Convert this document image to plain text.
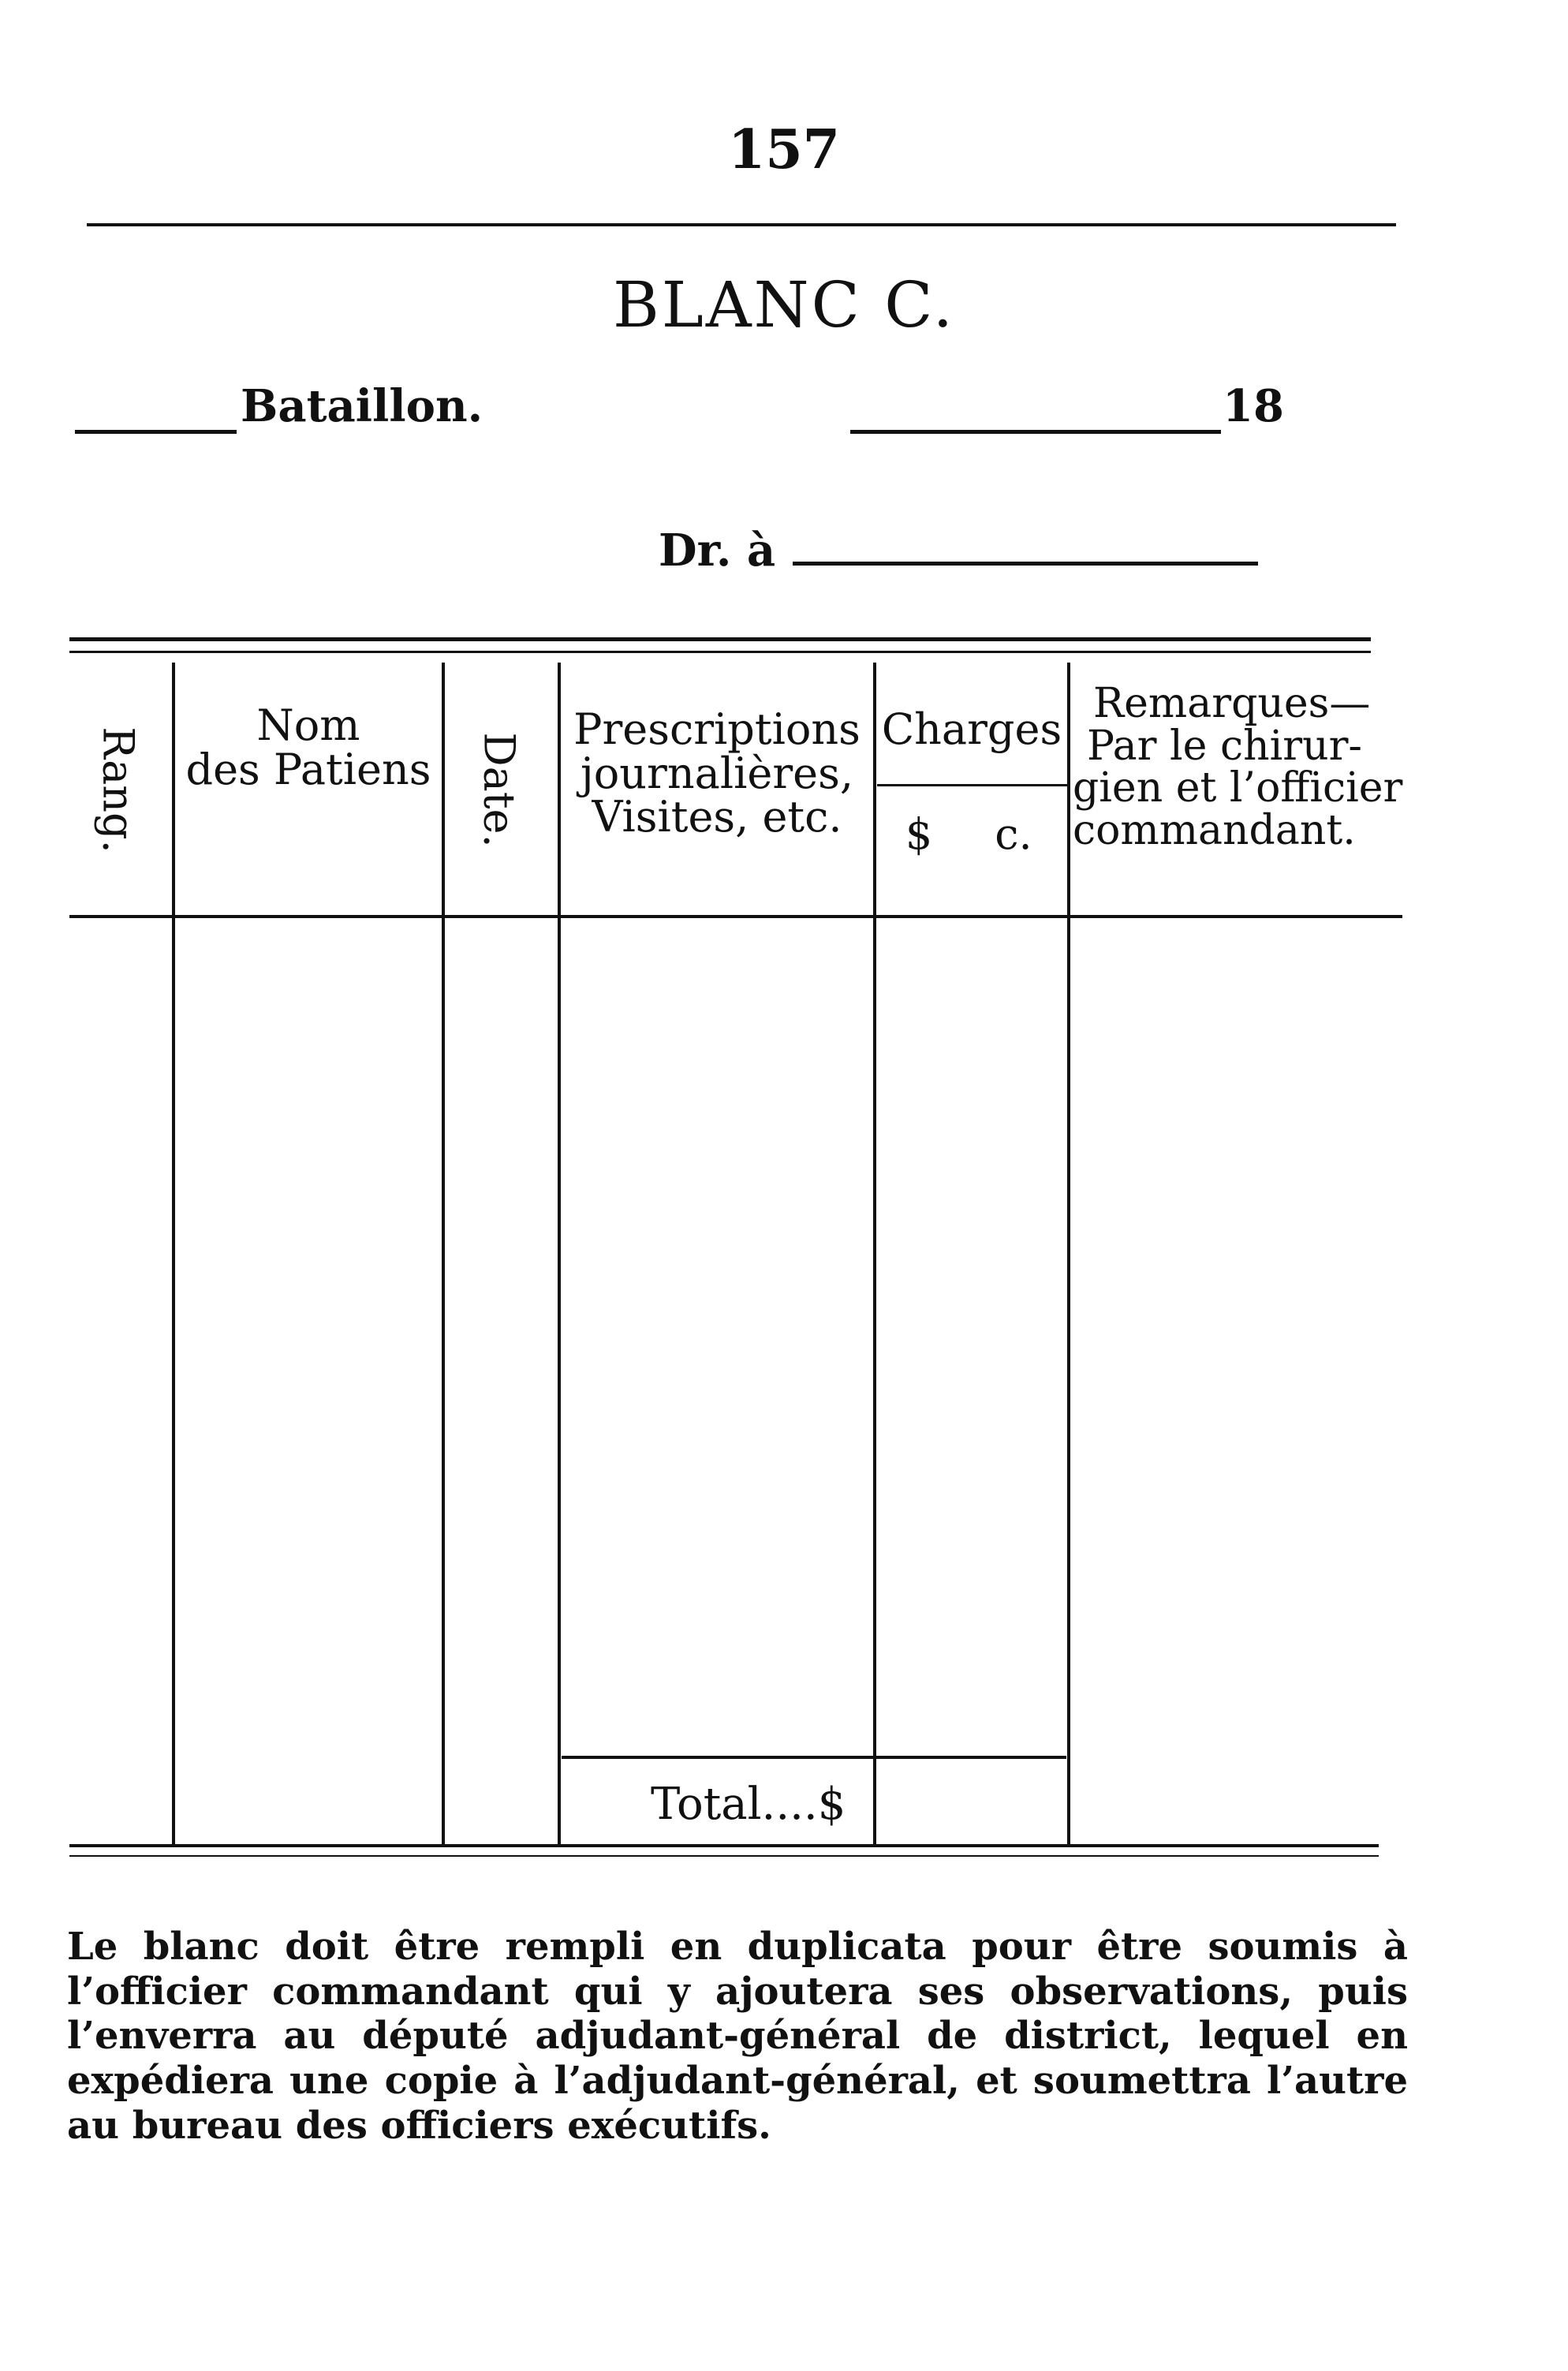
157
BLANC C.
Bataillon.	18
Dr. à
Rang.
Nom
des Patiens Date.
Prescriptions
journalières,
Visites, etc.
Charges
$ c.
Remarques—
Par le chirur-
gien et l’officier
commandant.
Total....$
Le blanc doit être rempli en duplicata pour être soumis à l’officier commandant qui y ajoutera ses observations, puis l’enverra au député adjudant-général de district, lequel en expédiera une copie à l’adjudant-général, et soumettra l’autre au bureau des officiers exécutifs.
